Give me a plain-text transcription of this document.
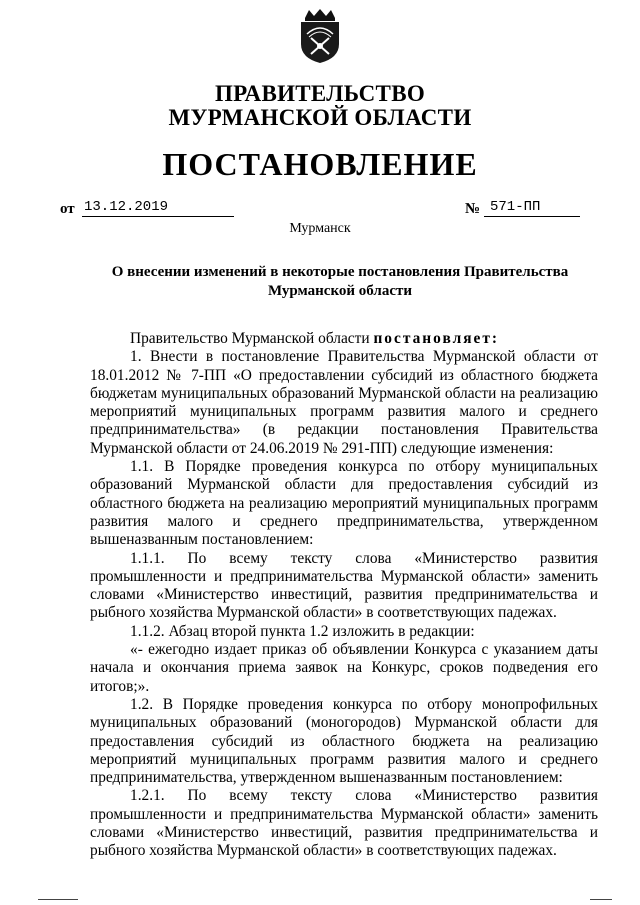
ПРАВИТЕЛЬСТВО
МУРМАНСКОЙ ОБЛАСТИ
ПОСТАНОВЛЕНИЕ
от 13.12.2019	№ 571-ПП
Мурманск
О внесении изменений в некоторые постановления Правительства
Мурманской области

Правительство Мурманской области постановляет:

1. Внести в постановление Правительства Мурманской области от 18.01.2012 № 7-ПП «О предоставлении субсидий из областного бюджета бюджетам муниципальных образований Мурманской области на реализацию мероприятий муниципальных программ развития малого и среднего предпринимательства» (в редакции постановления Правительства Мурманской области от 24.06.2019 № 291-ПП) следующие изменения:

1.1. В Порядке проведения конкурса по отбору муниципальных образований Мурманской области для предоставления субсидий из областного бюджета на реализацию мероприятий муниципальных программ развития малого и среднего предпринимательства, утвержденном вышеназванным постановлением:

1.1.1. По всему тексту слова «Министерство развития промышленности и предпринимательства Мурманской области» заменить словами «Министерство инвестиций, развития предпринимательства и рыбного хозяйства Мурманской области» в соответствующих падежах.

1.1.2. Абзац второй пункта 1.2 изложить в редакции:

«- ежегодно издает приказ об объявлении Конкурса с указанием даты начала и окончания приема заявок на Конкурс, сроков подведения его итогов;».

1.2. В Порядке проведения конкурса по отбору монопрофильных муниципальных образований (моногородов) Мурманской области для предоставления субсидий из областного бюджета на реализацию мероприятий муниципальных программ развития малого и среднего предпринимательства, утвержденном вышеназванным постановлением:

1.2.1. По всему тексту слова «Министерство развития промышленности и предпринимательства Мурманской области» заменить словами «Министерство инвестиций, развития предпринимательства и рыбного хозяйства Мурманской области» в соответствующих падежах.
